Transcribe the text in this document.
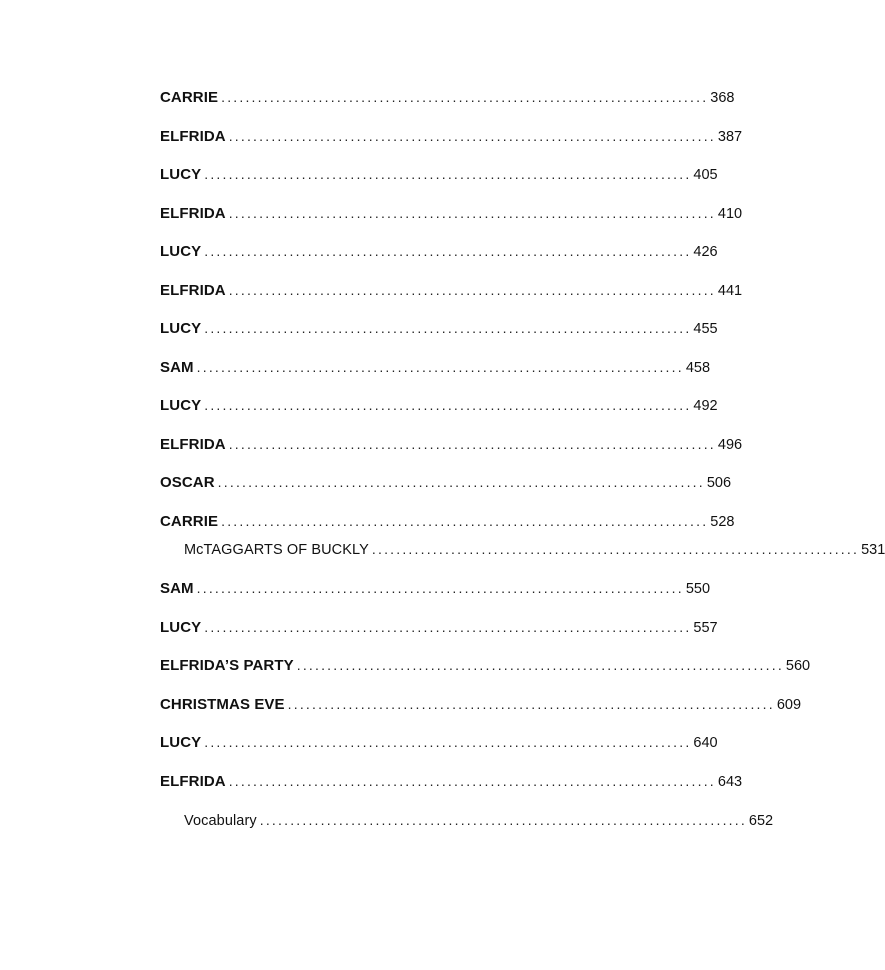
CARRIE ................................................................................ 368
ELFRIDA ................................................................................ 387
LUCY ................................................................................ 405
ELFRIDA ................................................................................ 410
LUCY ................................................................................ 426
ELFRIDA ................................................................................ 441
LUCY ................................................................................ 455
SAM ................................................................................ 458
LUCY ................................................................................ 492
ELFRIDA ................................................................................ 496
OSCAR ................................................................................ 506
CARRIE ................................................................................ 528
McTAGGARTS OF BUCKLY ................................................................................ 531
SAM ................................................................................ 550
LUCY ................................................................................ 557
ELFRIDA’S PARTY ................................................................................ 560
CHRISTMAS EVE ................................................................................ 609
LUCY ................................................................................ 640
ELFRIDA ................................................................................ 643
Vocabulary ................................................................................ 652
